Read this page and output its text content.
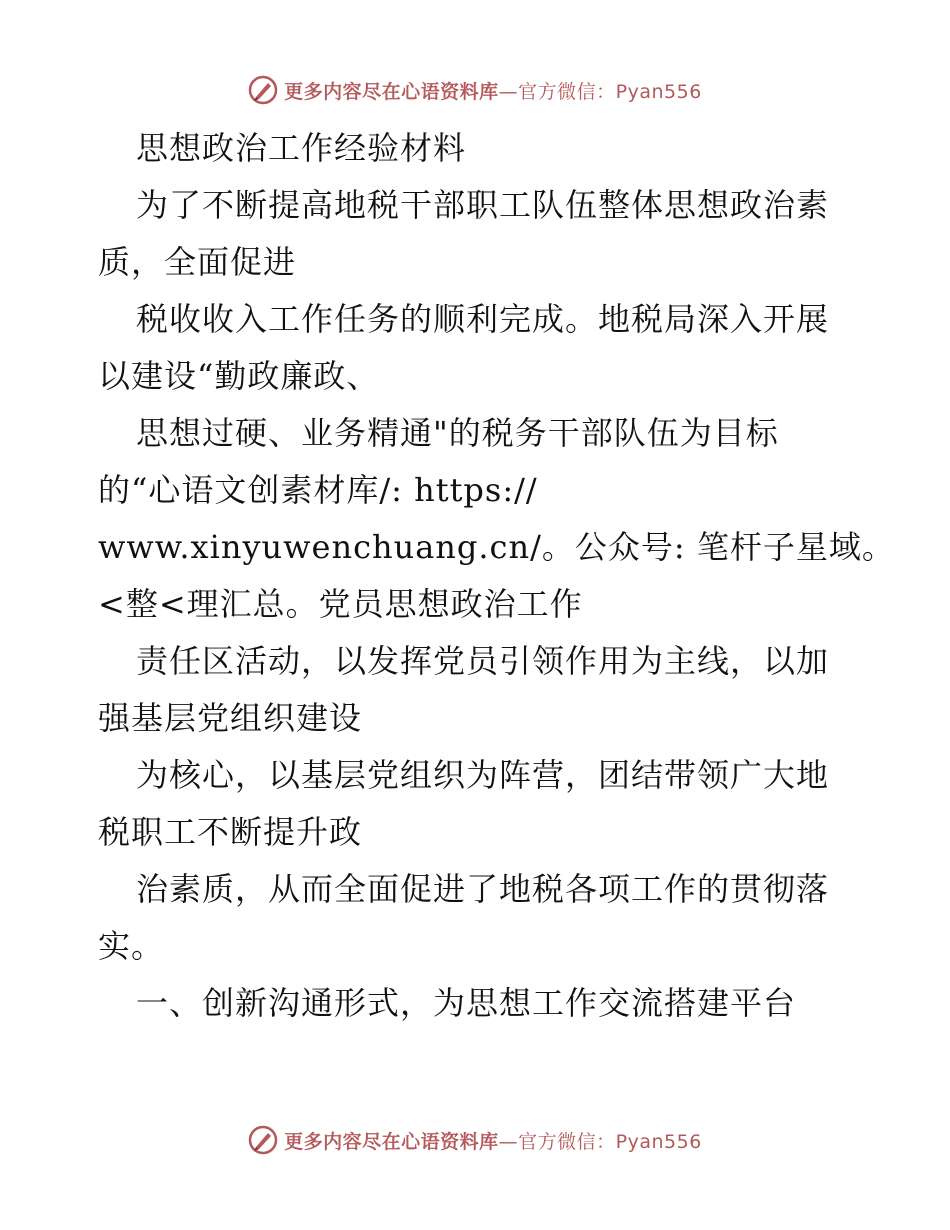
更多内容尽在心语资料库—官方微信：Pyan556
思想政治工作经验材料
为了不断提高地税干部职工队伍整体思想政治素
质，全面促进
税收收入工作任务的顺利完成。地税局深入开展
以建设“勤政廉政、
思想过硬、业务精通"的税务干部队伍为目标
的“心语文创素材库/: https://
www.xinyuwenchuang.cn/。公众号: 笔杆子星域。
<整<理汇总。党员思想政治工作
责任区活动，以发挥党员引领作用为主线，以加
强基层党组织建设
为核心，以基层党组织为阵营，团结带领广大地
税职工不断提升政
治素质，从而全面促进了地税各项工作的贯彻落
实。
一、创新沟通形式，为思想工作交流搭建平台
更多内容尽在心语资料库—官方微信：Pyan556
